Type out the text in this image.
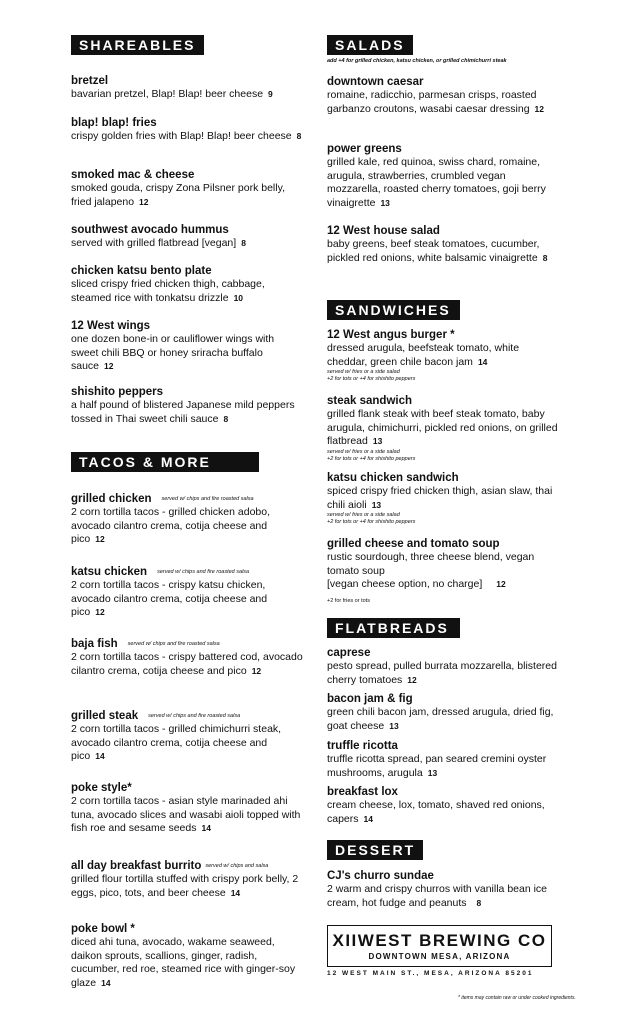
SHAREABLES
bretzel
bavarian pretzel, Blap! Blap! beer cheese 9
blap! blap! fries
crispy golden fries with Blap! Blap! beer cheese 8
smoked mac & cheese
smoked gouda, crispy Zona Pilsner pork belly, fried jalapeno 12
southwest avocado hummus
served with grilled flatbread [vegan] 8
chicken katsu bento plate
sliced crispy fried chicken thigh, cabbage, steamed rice with tonkatsu drizzle 10
12 West wings
one dozen bone-in or cauliflower wings with sweet chili BBQ or honey sriracha buffalo sauce 12
shishito peppers
a half pound of blistered Japanese mild peppers tossed in Thai sweet chili sauce 8
TACOS & MORE
grilled chicken served w/ chips and fire roasted salsa
2 corn tortilla tacos - grilled chicken adobo, avocado cilantro crema, cotija cheese and pico 12
katsu chicken served w/ chips and fire roasted salsa
2 corn tortilla tacos - crispy katsu chicken, avocado cilantro crema, cotija cheese and pico 12
baja fish served w/ chips and fire roasted salsa
2 corn tortilla tacos - crispy battered cod, avocado cilantro crema, cotija cheese and pico 12
grilled steak served w/ chips and fire roasted salsa
2 corn tortilla tacos - grilled chimichurri steak, avocado cilantro crema, cotija cheese and pico 14
poke style*
2 corn tortilla tacos - asian style marinaded ahi tuna, avocado slices and wasabi aioli topped with fish roe and sesame seeds 14
all day breakfast burrito served w/ chips and salsa
grilled flour tortilla stuffed with crispy pork belly, 2 eggs, pico, tots, and beer cheese 14
poke bowl *
diced ahi tuna, avocado, wakame seaweed, daikon sprouts, scallions, ginger, radish, cucumber, red roe, steamed rice with ginger-soy glaze 14
SALADS
add +4 for grilled chicken, katsu chicken, or grilled chimichurri steak
downtown caesar
romaine, radicchio, parmesan crisps, roasted garbanzo croutons, wasabi caesar dressing 12
power greens
grilled kale, red quinoa, swiss chard, romaine, arugula, strawberries, crumbled vegan mozzarella, roasted cherry tomatoes, goji berry vinaigrette 13
12 West house salad
baby greens, beef steak tomatoes, cucumber, pickled red onions, white balsamic vinaigrette 8
SANDWICHES
12 West angus burger *
dressed arugula, beefsteak tomato, white cheddar, green chile bacon jam 14
served w/ fries or a side salad
+2 for tots or +4 for shishito peppers
steak sandwich
grilled flank steak with beef steak tomato, baby arugula, chimichurri, pickled red onions, on grilled flatbread 13
served w/ fries or a side salad
+2 for tots or +4 for shishito peppers
katsu chicken sandwich
spiced crispy fried chicken thigh, asian slaw, thai chili aioli 13
served w/ fries or a side salad
+2 for tots or +4 for shishito peppers
grilled cheese and tomato soup
rustic sourdough, three cheese blend, vegan tomato soup
[vegan cheese option, no charge] 12
+2 for fries or tots
FLATBREADS
caprese
pesto spread, pulled burrata mozzarella, blistered cherry tomatoes 12
bacon jam & fig
green chili bacon jam, dressed arugula, dried fig, goat cheese 13
truffle ricotta
truffle ricotta spread, pan seared cremini oyster mushrooms, arugula 13
breakfast lox
cream cheese, lox, tomato, shaved red onions, capers 14
DESSERT
CJ's churro sundae
2 warm and crispy churros with vanilla bean ice cream, hot fudge and peanuts 8
XIIWEST BREWING CO
DOWNTOWN MESA, ARIZONA
12 WEST MAIN ST., MESA, ARIZONA 85201
* items may contain raw or under cooked ingredients.
